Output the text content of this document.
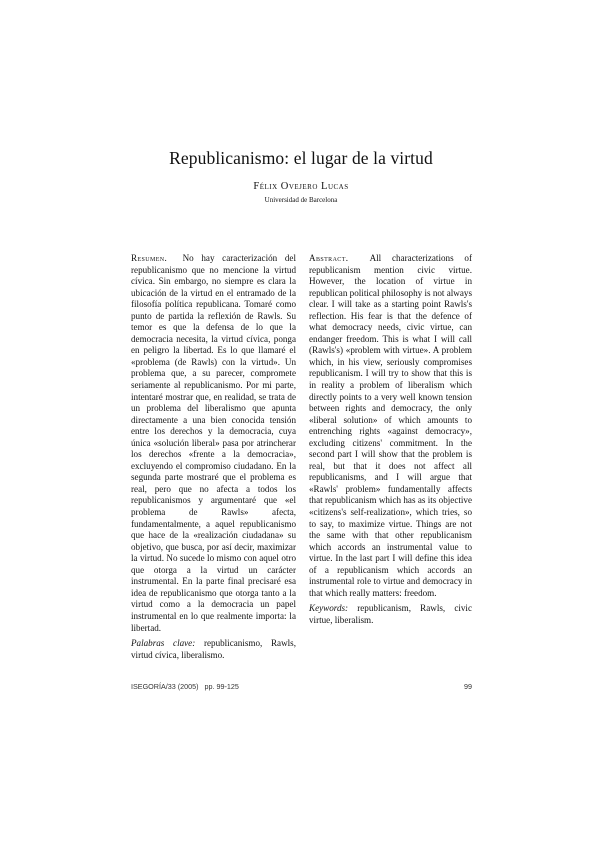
Republicanismo: el lugar de la virtud
Félix Ovejero Lucas
Universidad de Barcelona

Resumen. No hay caracterización del republicanismo que no mencione la virtud cívica. Sin embargo, no siempre es clara la ubicación de la virtud en el entramado de la filosofía política republicana. Tomaré como punto de partida la reflexión de Rawls. Su temor es que la defensa de lo que la democracia necesita, la virtud cívica, ponga en peligro la libertad. Es lo que llamaré el «problema (de Rawls) con la virtud». Un problema que, a su parecer, compromete seriamente al republicanismo. Por mi parte, intentaré mostrar que, en realidad, se trata de un problema del liberalismo que apunta directamente a una bien conocida tensión entre los derechos y la democracia, cuya única «solución liberal» pasa por atrincherar los derechos «frente a la democracia», excluyendo el compromiso ciudadano. En la segunda parte mostraré que el problema es real, pero que no afecta a todos los republicanismos y argumentaré que «el problema de Rawls» afecta, fundamentalmente, a aquel republicanismo que hace de la «realización ciudadana» su objetivo, que busca, por así decir, maximizar la virtud. No sucede lo mismo con aquel otro que otorga a la virtud un carácter instrumental. En la parte final precisaré esa idea de republicanismo que otorga tanto a la virtud como a la democracia un papel instrumental en lo que realmente importa: la libertad.

Palabras clave: republicanismo, Rawls, virtud cívica, liberalismo.

Abstract. All characterizations of republicanism mention civic virtue. However, the location of virtue in republican political philosophy is not always clear. I will take as a starting point Rawls's reflection. His fear is that the defence of what democracy needs, civic virtue, can endanger freedom. This is what I will call (Rawls's) «problem with virtue». A problem which, in his view, seriously compromises republicanism. I will try to show that this is in reality a problem of liberalism which directly points to a very well known tension between rights and democracy, the only «liberal solution» of which amounts to entrenching rights «against democracy», excluding citizens' commitment. In the second part I will show that the problem is real, but that it does not affect all republicanisms, and I will argue that «Rawls' problem» fundamentally affects that republicanism which has as its objective «citizens's self-realization», which tries, so to say, to maximize virtue. Things are not the same with that other republicanism which accords an instrumental value to virtue. In the last part I will define this idea of a republicanism which accords an instrumental role to virtue and democracy in that which really matters: freedom.

Keywords: republicanism, Rawls, civic virtue, liberalism.

ISEGORÍA/33 (2005) pp. 99-125	99
